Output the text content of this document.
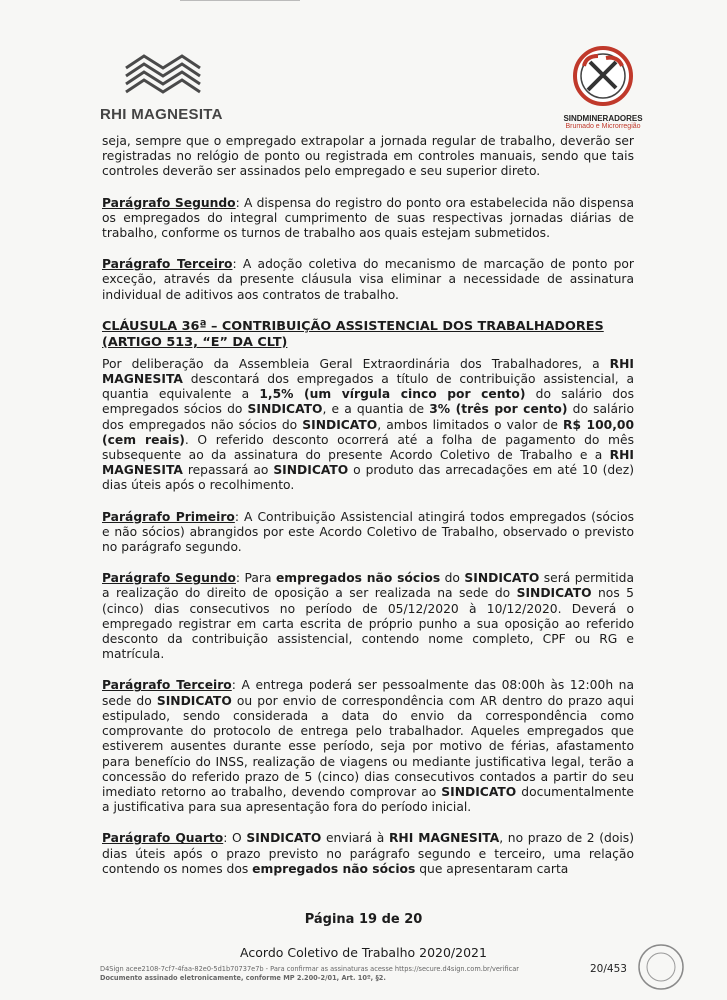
RHI MAGNESITA	SINDMINERADORES
Brumado e Microrregião

seja, sempre que o empregado extrapolar a jornada regular de trabalho, deverão ser registradas no relógio de ponto ou registrada em controles manuais, sendo que tais controles deverão ser assinados pelo empregado e seu superior direto.

Parágrafo Segundo: A dispensa do registro do ponto ora estabelecida não dispensa os empregados do integral cumprimento de suas respectivas jornadas diárias de trabalho, conforme os turnos de trabalho aos quais estejam submetidos.

Parágrafo Terceiro: A adoção coletiva do mecanismo de marcação de ponto por exceção, através da presente cláusula visa eliminar a necessidade de assinatura individual de aditivos aos contratos de trabalho.

CLÁUSULA 36ª – CONTRIBUIÇÃO ASSISTENCIAL DOS TRABALHADORES (ARTIGO 513, “E” DA CLT)

Por deliberação da Assembleia Geral Extraordinária dos Trabalhadores, a RHI MAGNESITA descontará dos empregados a título de contribuição assistencial, a quantia equivalente a 1,5% (um vírgula cinco por cento) do salário dos empregados sócios do SINDICATO, e a quantia de 3% (três por cento) do salário dos empregados não sócios do SINDICATO, ambos limitados o valor de R$ 100,00 (cem reais). O referido desconto ocorrerá até a folha de pagamento do mês subsequente ao da assinatura do presente Acordo Coletivo de Trabalho e a RHI MAGNESITA repassará ao SINDICATO o produto das arrecadações em até 10 (dez) dias úteis após o recolhimento.

Parágrafo Primeiro: A Contribuição Assistencial atingirá todos empregados (sócios e não sócios) abrangidos por este Acordo Coletivo de Trabalho, observado o previsto no parágrafo segundo.

Parágrafo Segundo: Para empregados não sócios do SINDICATO será permitida a realização do direito de oposição a ser realizada na sede do SINDICATO nos 5 (cinco) dias consecutivos no período de 05/12/2020 à 10/12/2020. Deverá o empregado registrar em carta escrita de próprio punho a sua oposição ao referido desconto da contribuição assistencial, contendo nome completo, CPF ou RG e matrícula.

Parágrafo Terceiro: A entrega poderá ser pessoalmente das 08:00h às 12:00h na sede do SINDICATO ou por envio de correspondência com AR dentro do prazo aqui estipulado, sendo considerada a data do envio da correspondência como comprovante do protocolo de entrega pelo trabalhador. Aqueles empregados que estiverem ausentes durante esse período, seja por motivo de férias, afastamento para benefício do INSS, realização de viagens ou mediante justificativa legal, terão a concessão do referido prazo de 5 (cinco) dias consecutivos contados a partir do seu imediato retorno ao trabalho, devendo comprovar ao SINDICATO documentalmente a justificativa para sua apresentação fora do período inicial.

Parágrafo Quarto: O SINDICATO enviará à RHI MAGNESITA, no prazo de 2 (dois) dias úteis após o prazo previsto no parágrafo segundo e terceiro, uma relação contendo os nomes dos empregados não sócios que apresentaram carta

Página 19 de 20
Acordo Coletivo de Trabalho 2020/2021
D4Sign acee2108-7cf7-4faa-82e0-5d1b70737e7b - Para confirmar as assinaturas acesse https://secure.d4sign.com.br/verificar
Documento assinado eletronicamente, conforme MP 2.200-2/01, Art. 10º, §2.
20/453
